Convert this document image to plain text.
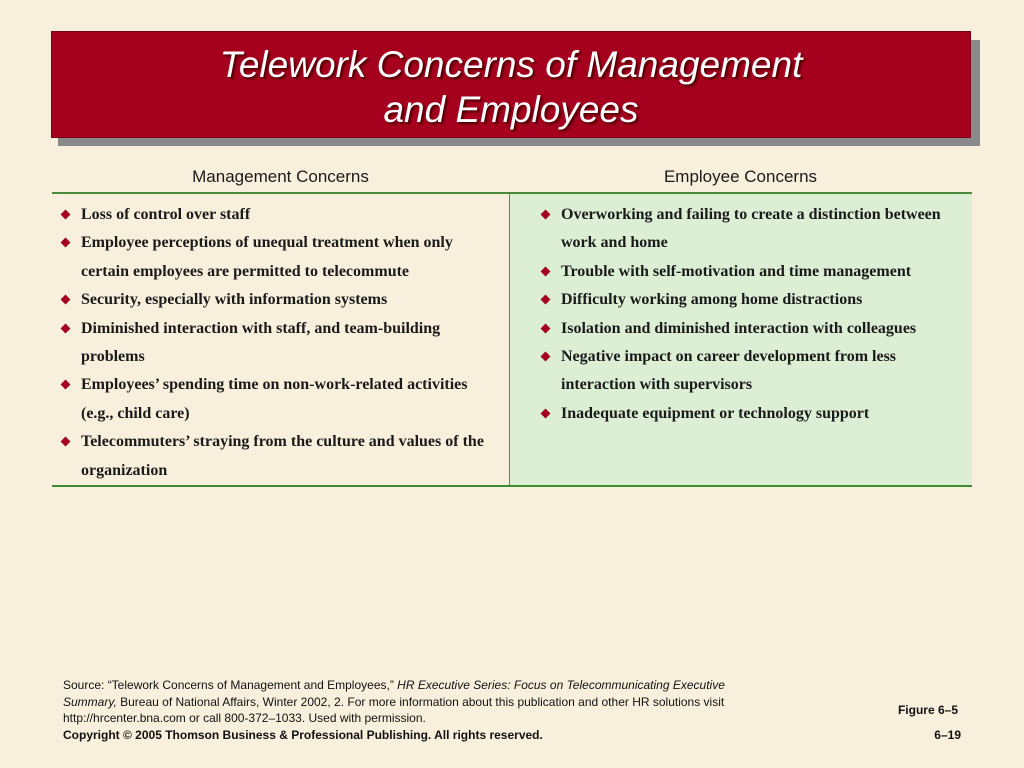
Telework Concerns of Management
and Employees
Management Concerns	Employee Concerns
Loss of control over staff
Employee perceptions of unequal treatment when only certain employees are permitted to telecommute
Security, especially with information systems
Diminished interaction with staff, and team-building problems
Employees’ spending time on non-work-related activities (e.g., child care)
Telecommuters’ straying from the culture and values of the organization
Overworking and failing to create a distinction between work and home
Trouble with self-motivation and time management
Difficulty working among home distractions
Isolation and diminished interaction with colleagues
Negative impact on career development from less interaction with supervisors
Inadequate equipment or technology support
Source: “Telework Concerns of Management and Employees,” HR Executive Series: Focus on Telecommunicating Executive Summary, Bureau of National Affairs, Winter 2002, 2. For more information about this publication and other HR solutions visit http://hrcenter.bna.com or call 800-372–1033. Used with permission.
Figure 6–5
Copyright © 2005 Thomson Business & Professional Publishing. All rights reserved.	6–19
